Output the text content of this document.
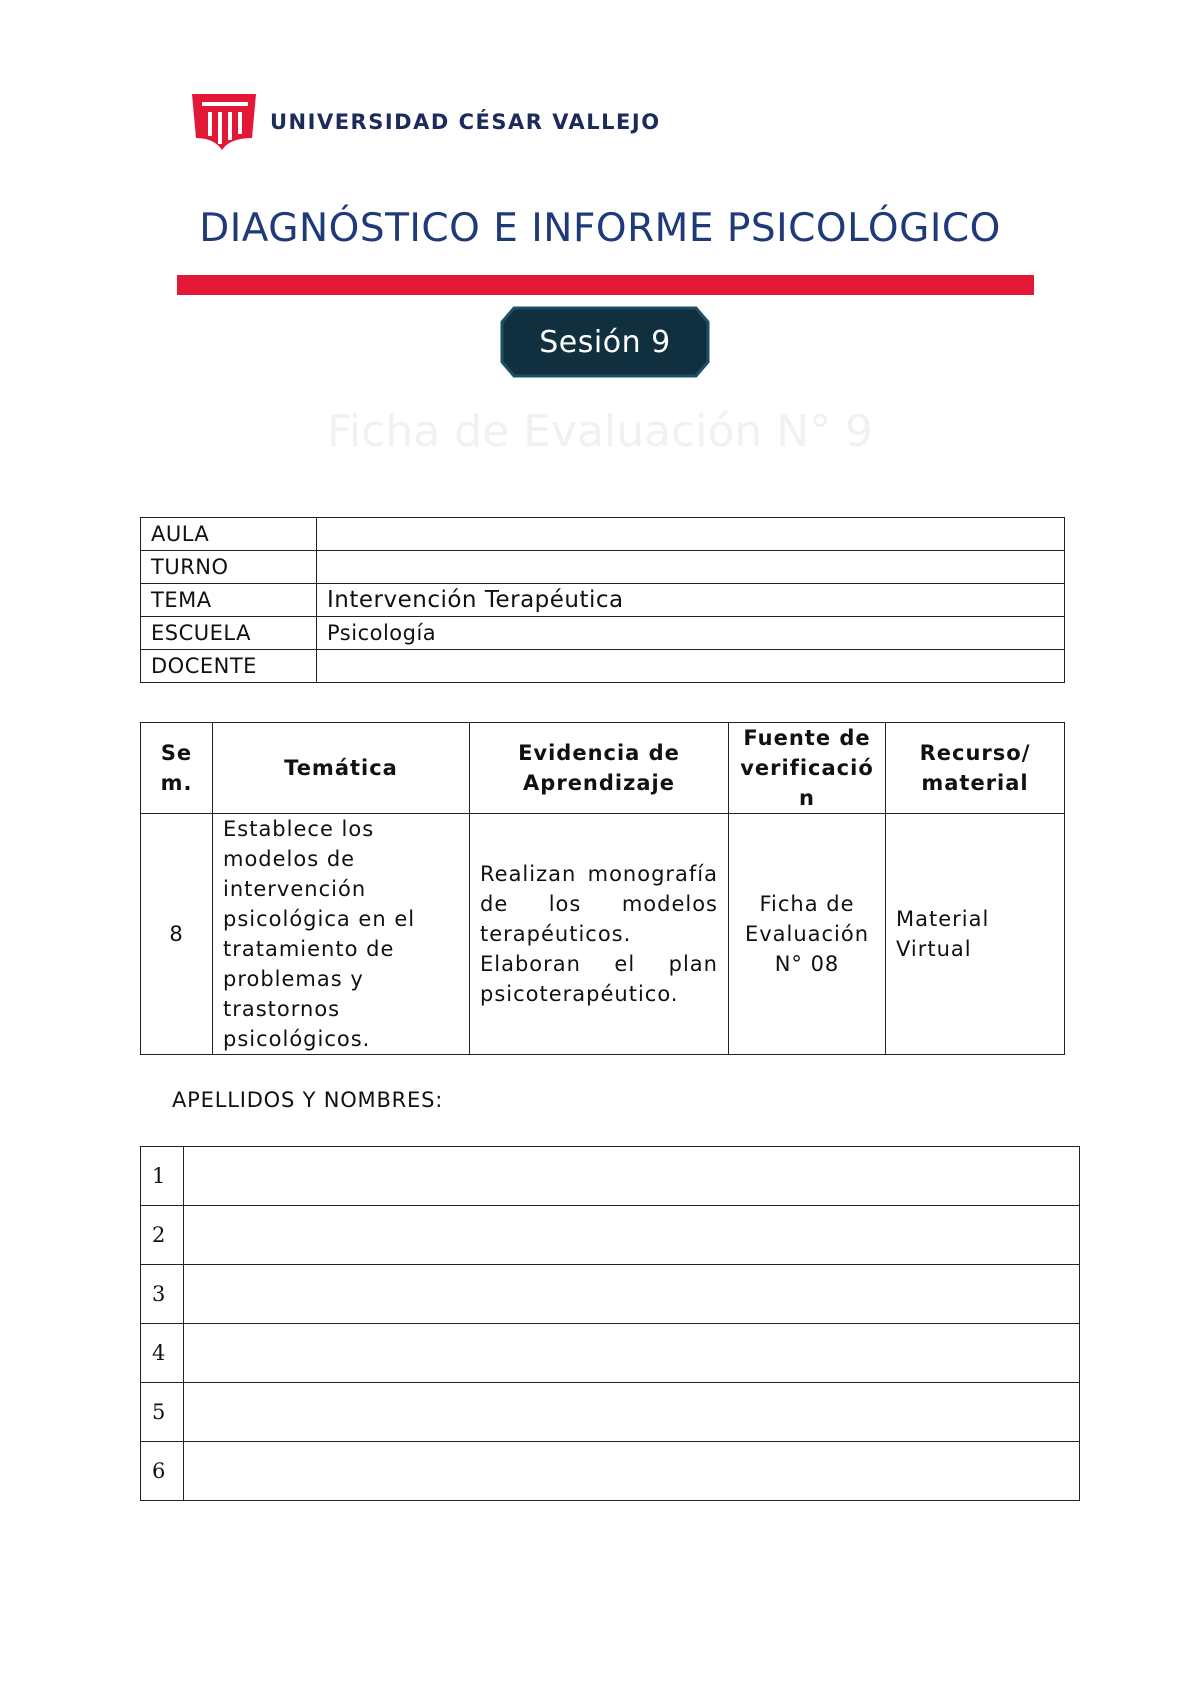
UNIVERSIDAD CÉSAR VALLEJO
DIAGNÓSTICO E INFORME PSICOLÓGICO
Sesión 9
Ficha de Evaluación N° 9
AULA	
TURNO	
TEMA	Intervención Terapéutica
ESCUELA	Psicología
DOCENTE	
Se m.	Temática	Evidencia de Aprendizaje	Fuente de verificació n	Recurso/ material
8	Establece los modelos de intervención psicológica en el tratamiento de problemas y trastornos psicológicos.	Realizan monografía de los modelos terapéuticos. Elaboran el plan psicoterapéutico.	Ficha de Evaluación N° 08	Material Virtual
APELLIDOS Y NOMBRES:
1	
2	
3	
4	
5	
6	
